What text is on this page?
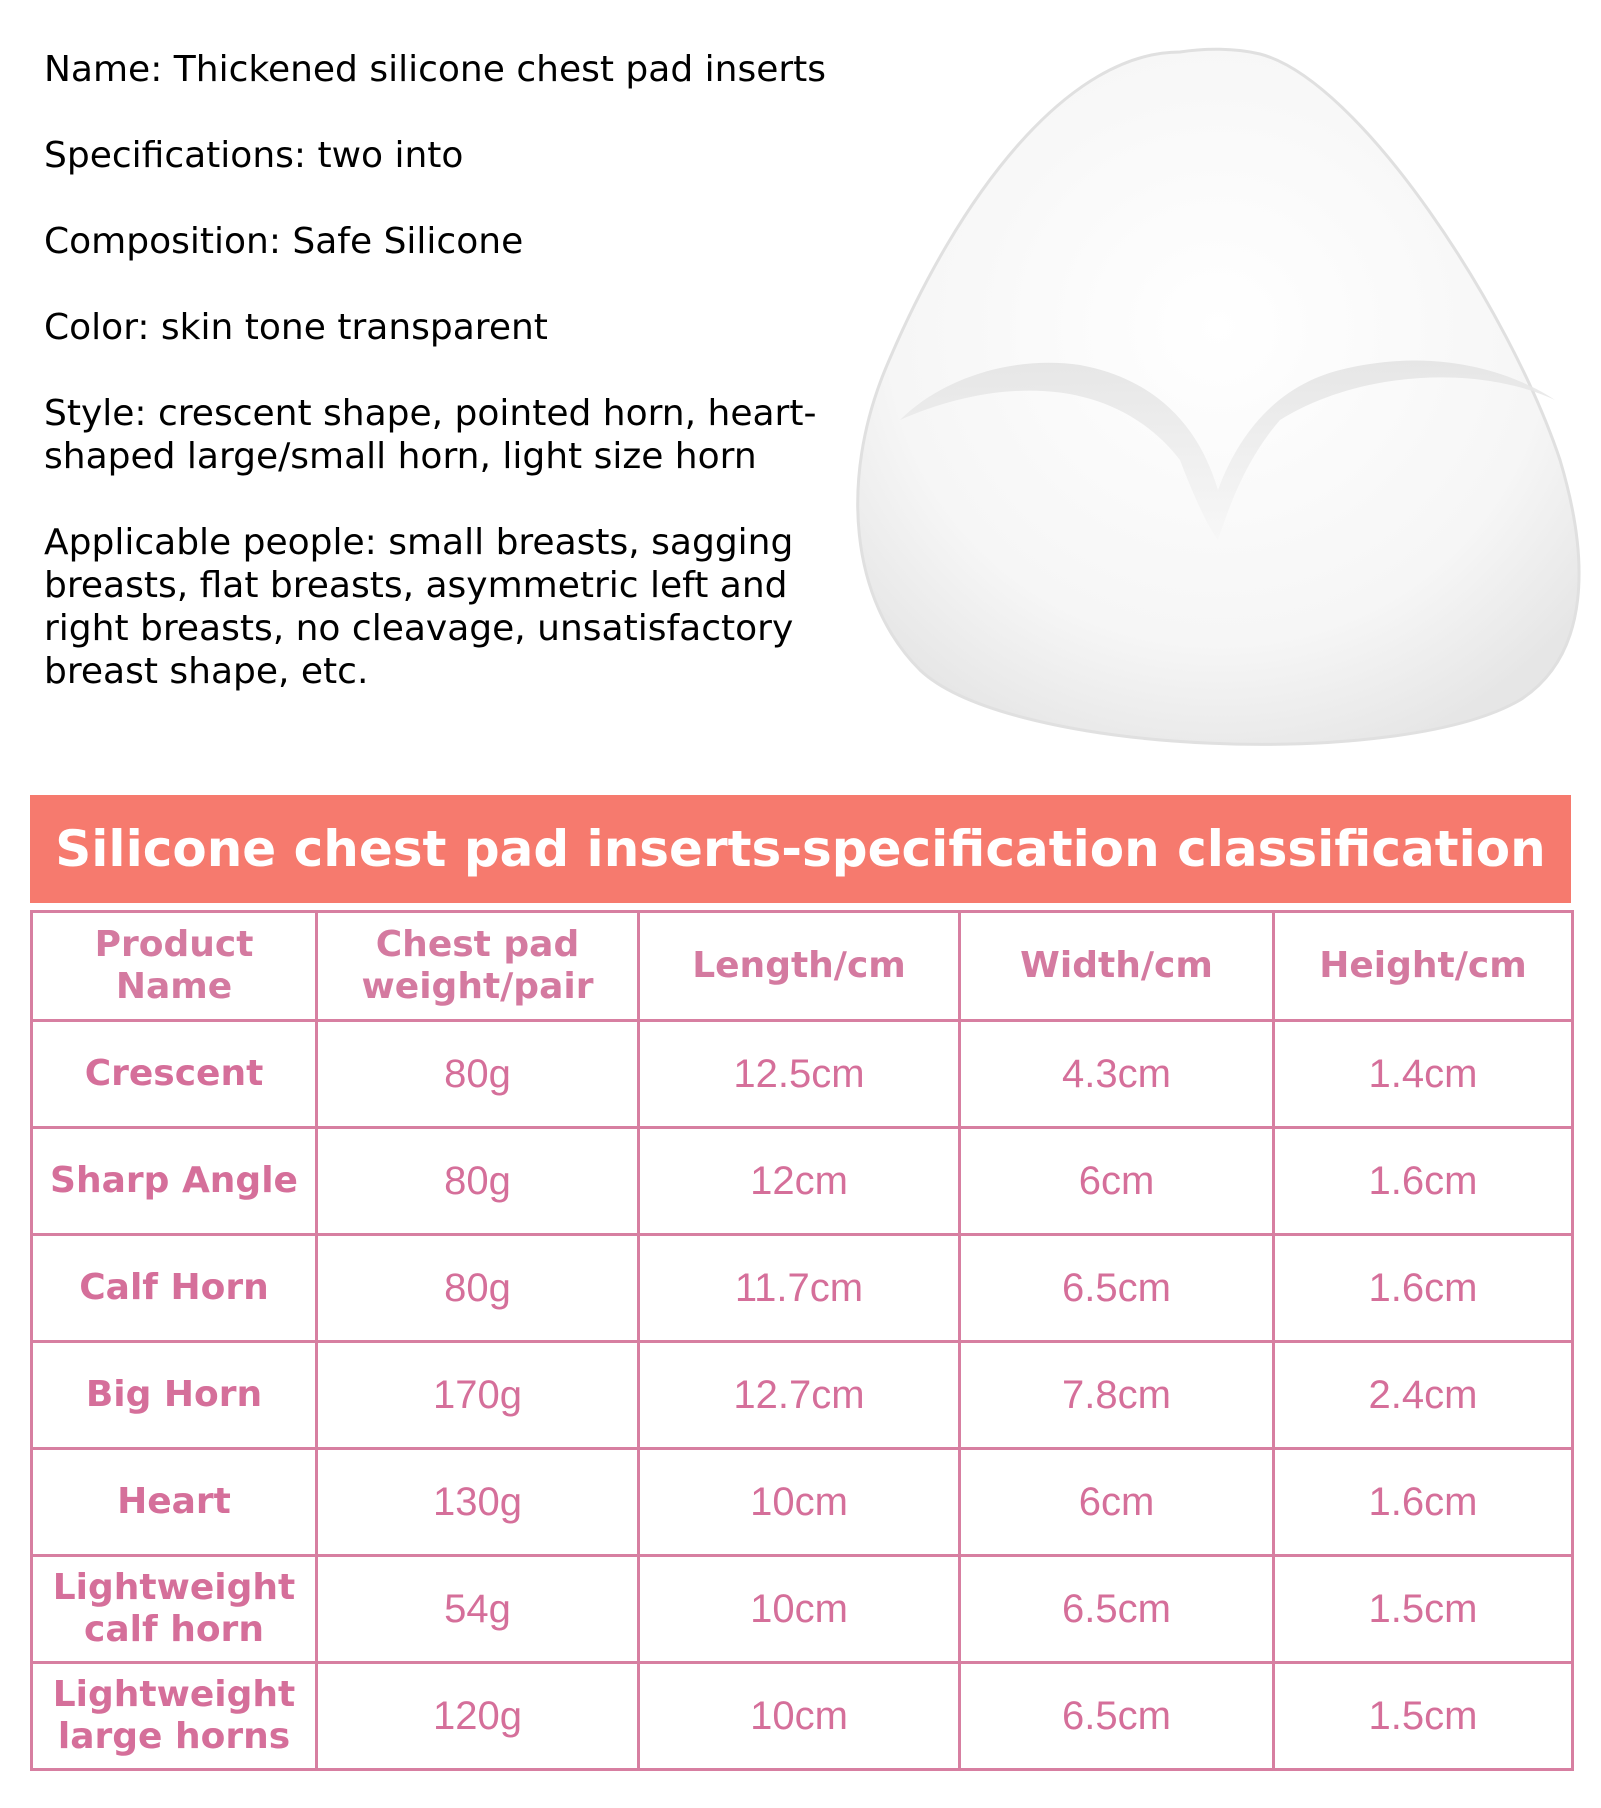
Name: Thickened silicone chest pad inserts

Specifications: two into

Composition: Safe Silicone

Color: skin tone transparent

Style: crescent shape, pointed horn, heart-shaped large/small horn, light size horn

Applicable people: small breasts, sagging breasts, flat breasts, asymmetric left and right breasts, no cleavage, unsatisfactory breast shape, etc.

Silicone chest pad inserts-specification classification
Product Name	Chest pad weight/pair	Length/cm	Width/cm	Height/cm
Crescent	80g	12.5cm	4.3cm	1.4cm
Sharp Angle	80g	12cm	6cm	1.6cm
Calf Horn	80g	11.7cm	6.5cm	1.6cm
Big Horn	170g	12.7cm	7.8cm	2.4cm
Heart	130g	10cm	6cm	1.6cm
Lightweight calf horn	54g	10cm	6.5cm	1.5cm
Lightweight large horns	120g	10cm	6.5cm	1.5cm
